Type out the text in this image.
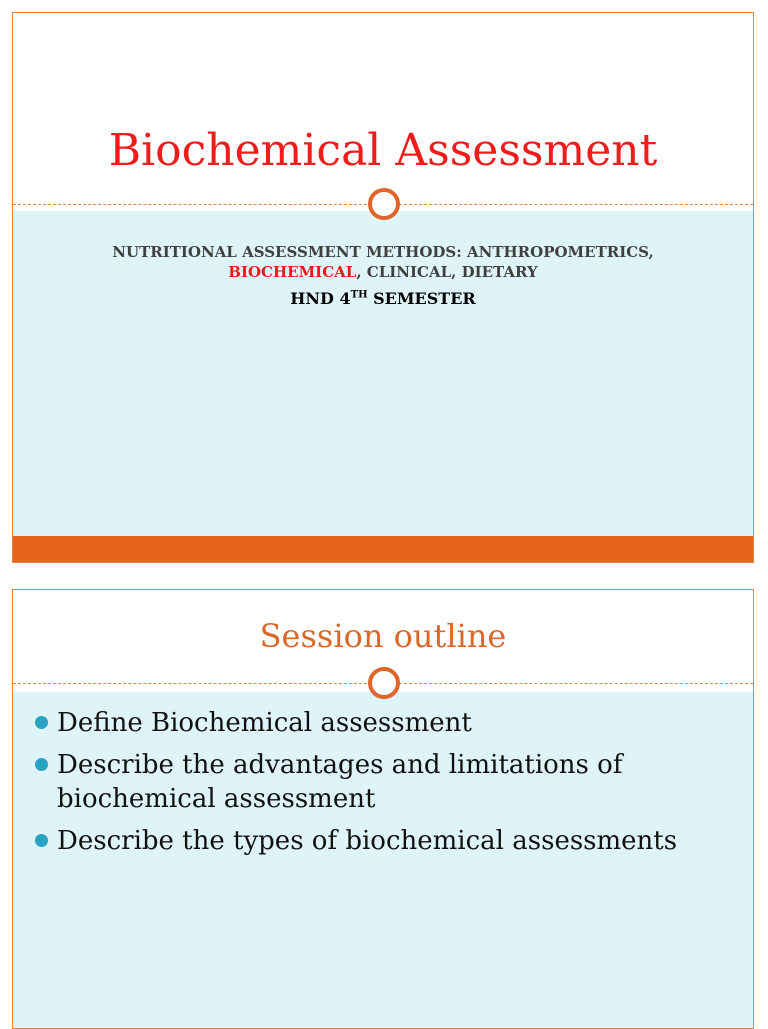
Biochemical Assessment

NUTRITIONAL ASSESSMENT METHODS: ANTHROPOMETRICS,
BIOCHEMICAL, CLINICAL, DIETARY

HND 4TH SEMESTER

Session outline
Define Biochemical assessment
Describe the advantages and limitations of biochemical assessment
Describe the types of biochemical assessments
